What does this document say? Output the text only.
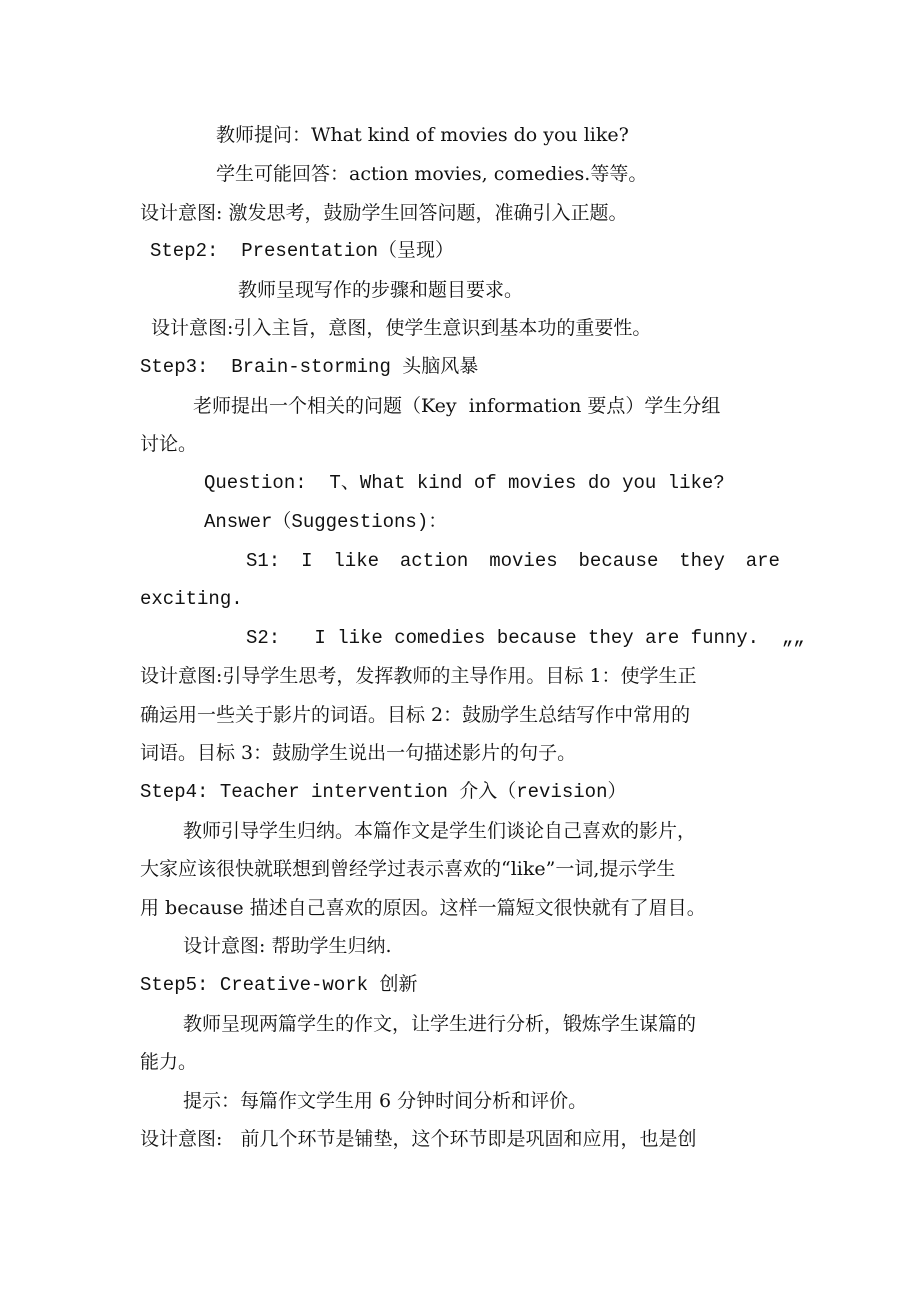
教师提问：What kind of movies do you like?
学生可能回答：action movies, comedies.等等。
设计意图: 激发思考，鼓励学生回答问题，准确引入正题。
Step2:  Presentation（呈现）
教师呈现写作的步骤和题目要求。
设计意图:引入主旨，意图，使学生意识到基本功的重要性。
Step3:  Brain-storming 头脑风暴
老师提出一个相关的问题（Key  information 要点）学生分组
讨论。
Question:  T、What kind of movies do you like?
Answer（Suggestions)：
S1: I like action movies because they are
exciting.
S2:   I like comedies because they are funny.  „„
设计意图:引导学生思考，发挥教师的主导作用。目标 1：使学生正
确运用一些关于影片的词语。目标 2：鼓励学生总结写作中常用的
词语。目标 3：鼓励学生说出一句描述影片的句子。
Step4: Teacher intervention 介入（revision）
教师引导学生归纳。本篇作文是学生们谈论自己喜欢的影片，
大家应该很快就联想到曾经学过表示喜欢的“like”一词,提示学生
用 because 描述自己喜欢的原因。这样一篇短文很快就有了眉目。
设计意图: 帮助学生归纳.
Step5: Creative-work 创新
教师呈现两篇学生的作文，让学生进行分析，锻炼学生谋篇的
能力。
提示：每篇作文学生用 6 分钟时间分析和评价。
设计意图:   前几个环节是铺垫，这个环节即是巩固和应用，也是创
